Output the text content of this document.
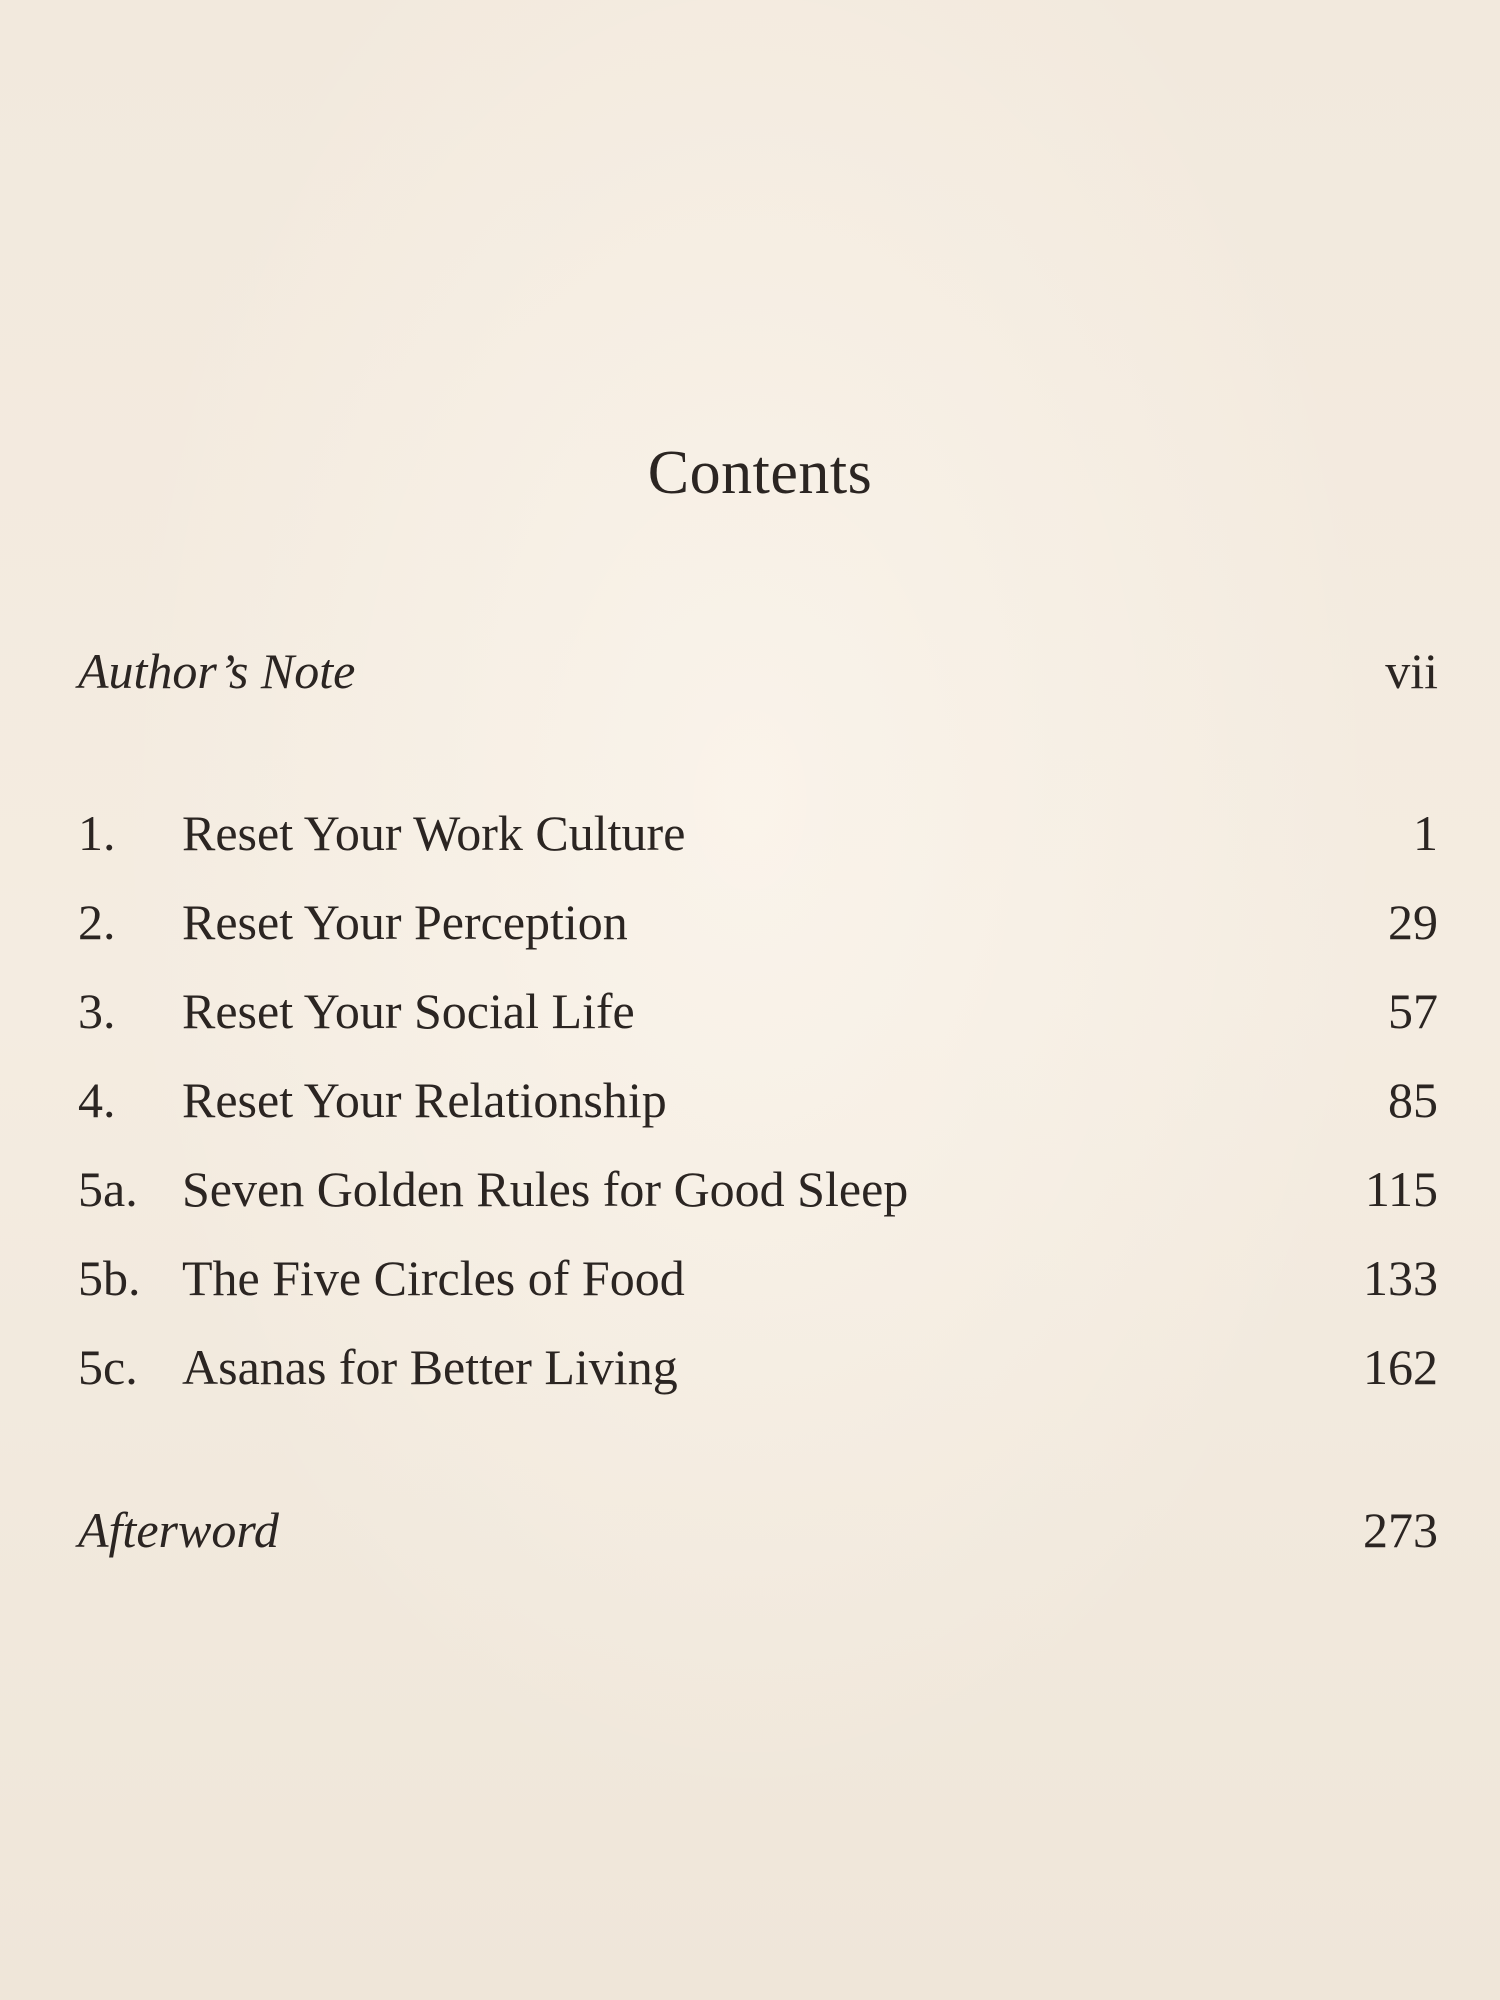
Contents
Author’s Note	vii
1. Reset Your Work Culture	1
2. Reset Your Perception	29
3. Reset Your Social Life	57
4. Reset Your Relationship	85
5a. Seven Golden Rules for Good Sleep	115
5b. The Five Circles of Food	133
5c. Asanas for Better Living	162
Afterword	273
